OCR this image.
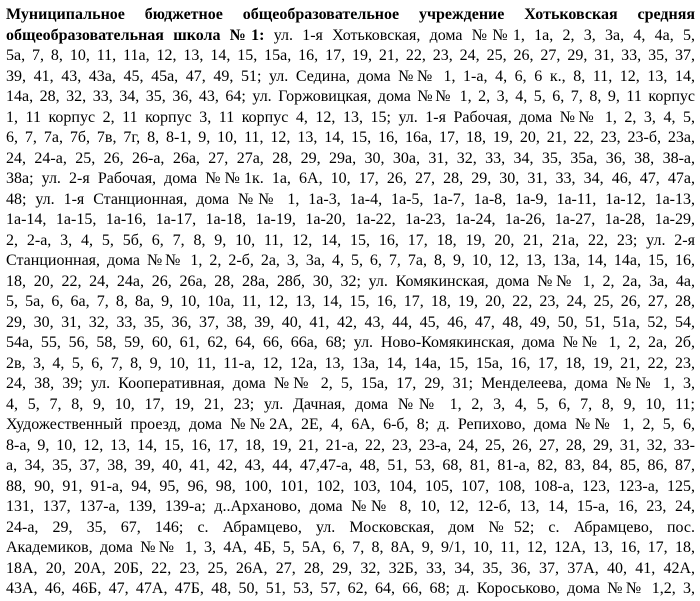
Муниципальное бюджетное общеобразовательное учреждение Хотьковская средняя
общеобразовательная школа №1: ул. 1-я Хотьковская, дома №№1, 1а, 2, 3, 3а, 4, 4а, 5,
5а, 7, 8, 10, 11, 11а, 12, 13, 14, 15, 15а, 16, 17, 19, 21, 22, 23, 24, 25, 26, 27, 29, 31, 33, 35, 37,
39, 41, 43, 43а, 45, 45а, 47, 49, 51; ул. Седина, дома №№ 1, 1-а, 4, 6, 6 к., 8, 11, 12, 13, 14,
14а, 28, 32, 33, 34, 35, 36, 43, 64; ул. Горжовицкая, дома №№ 1, 2, 3, 4, 5, 6, 7, 8, 9, 11 корпус
1, 11 корпус 2, 11 корпус 3, 11 корпус 4, 12, 13, 15; ул. 1-я Рабочая, дома №№ 1, 2, 3, 4, 5,
6, 7, 7а, 7б, 7в, 7г, 8, 8-1, 9, 10, 11, 12, 13, 14, 15, 16, 16а, 17, 18, 19, 20, 21, 22, 23, 23-б, 23а,
24, 24-а, 25, 26, 26-а, 26а, 27, 27а, 28, 29, 29а, 30, 30а, 31, 32, 33, 34, 35, 35а, 36, 38, 38-а,
38а; ул. 2-я Рабочая, дома №№1к. 1а, 6А, 10, 17, 26, 27, 28, 29, 30, 31, 33, 34, 46, 47, 47а,
48; ул. 1-я Станционная, дома №№ 1, 1а-3, 1а-4, 1а-5, 1а-7, 1а-8, 1а-9, 1а-11, 1а-12, 1а-13,
1а-14, 1а-15, 1а-16, 1а-17, 1а-18, 1а-19, 1а-20, 1а-22, 1а-23, 1а-24, 1а-26, 1а-27, 1а-28, 1а-29,
2, 2-а, 3, 4, 5, 5б, 6, 7, 8, 9, 10, 11, 12, 14, 15, 16, 17, 18, 19, 20, 21, 21а, 22, 23; ул. 2-я
Станционная, дома №№ 1, 2, 2-б, 2а, 3, 3а, 4, 5, 6, 7, 7а, 8, 9, 10, 12, 13, 13а, 14, 14а, 15, 16,
18, 20, 22, 24, 24а, 26, 26а, 28, 28а, 28б, 30, 32; ул. Комякинская, дома №№ 1, 2, 2а, 3а, 4а,
5, 5а, 6, 6а, 7, 8, 8а, 9, 10, 10а, 11, 12, 13, 14, 15, 16, 17, 18, 19, 20, 22, 23, 24, 25, 26, 27, 28,
29, 30, 31, 32, 33, 35, 36, 37, 38, 39, 40, 41, 42, 43, 44, 45, 46, 47, 48, 49, 50, 51, 51а, 52, 54,
54а, 55, 56, 58, 59, 60, 61, 62, 64, 66, 66а, 68; ул. Ново-Комякинская, дома №№ 1, 2, 2а, 2б,
2в, 3, 4, 5, 6, 7, 8, 9, 10, 11, 11-а, 12, 12а, 13, 13а, 14, 14а, 15, 15а, 16, 17, 18, 19, 21, 22, 23,
24, 38, 39; ул. Кооперативная, дома №№ 2, 5, 15а, 17, 29, 31; Менделеева, дома №№ 1, 3,
4, 5, 7, 8, 9, 10, 17, 19, 21, 23; ул. Дачная, дома №№ 1, 2, 3, 4, 5, 6, 7, 8, 9, 10, 11;
Художественный проезд, дома №№2А, 2Е, 4, 6А, 6-б, 8; д. Репихово, дома №№ 1, 2, 5, 6,
8-а, 9, 10, 12, 13, 14, 15, 16, 17, 18, 19, 21, 21-а, 22, 23, 23-а, 24, 25, 26, 27, 28, 29, 31, 32, 33-
а, 34, 35, 37, 38, 39, 40, 41, 42, 43, 44, 47,47-а, 48, 51, 53, 68, 81, 81-а, 82, 83, 84, 85, 86, 87,
88, 90, 91, 91-а, 94, 95, 96, 98, 100, 101, 102, 103, 104, 105, 107, 108, 108-а, 123, 123-а, 125,
131, 137, 137-а, 139, 139-а; д..Арханово, дома №№ 8, 10, 12, 12-б, 13, 14, 15-а, 16, 23, 24,
24-а, 29, 35, 67, 146; с. Абрамцево, ул. Московская, дом №52; с. Абрамцево, пос.
Академиков, дома №№ 1, 3, 4А, 4Б, 5, 5А, 6, 7, 8, 8А, 9, 9/1, 10, 11, 12, 12А, 13, 16, 17, 18,
18А, 20, 20А, 20Б, 22, 23, 25, 26А, 27, 28, 29, 32, 32Б, 33, 34, 35, 36, 37, 37А, 40, 41, 42А,
43А, 46, 46Б, 47, 47А, 47Б, 48, 50, 51, 53, 57, 62, 64, 66, 68; д. Короськово, дома №№ 1,2, 3,
